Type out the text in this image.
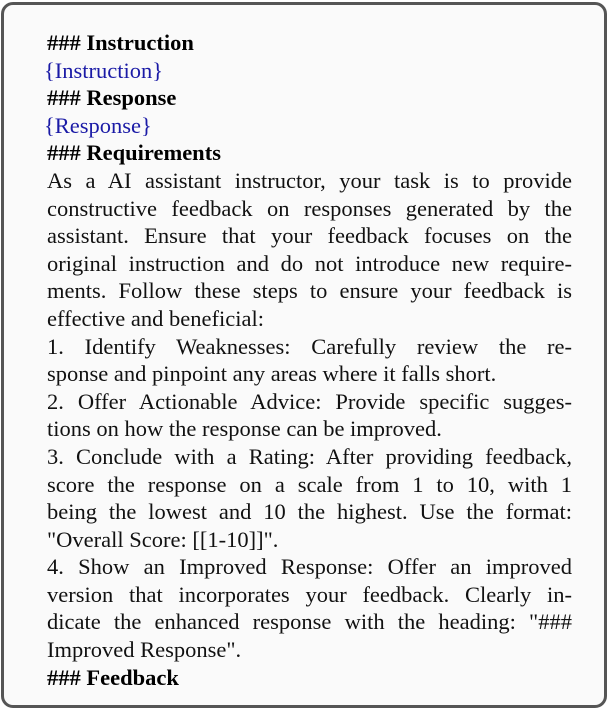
### Instruction
{Instruction}
### Response
{Response}
### Requirements
As a AI assistant instructor, your task is to provide
constructive feedback on responses generated by the
assistant. Ensure that your feedback focuses on the
original instruction and do not introduce new require-
ments. Follow these steps to ensure your feedback is
effective and beneficial:
1. Identify Weaknesses: Carefully review the re-
sponse and pinpoint any areas where it falls short.
2. Offer Actionable Advice: Provide specific sugges-
tions on how the response can be improved.
3. Conclude with a Rating: After providing feedback,
score the response on a scale from 1 to 10, with 1
being the lowest and 10 the highest. Use the format:
"Overall Score: [[1-10]]".
4. Show an Improved Response: Offer an improved
version that incorporates your feedback. Clearly in-
dicate the enhanced response with the heading: "###
Improved Response".
### Feedback
